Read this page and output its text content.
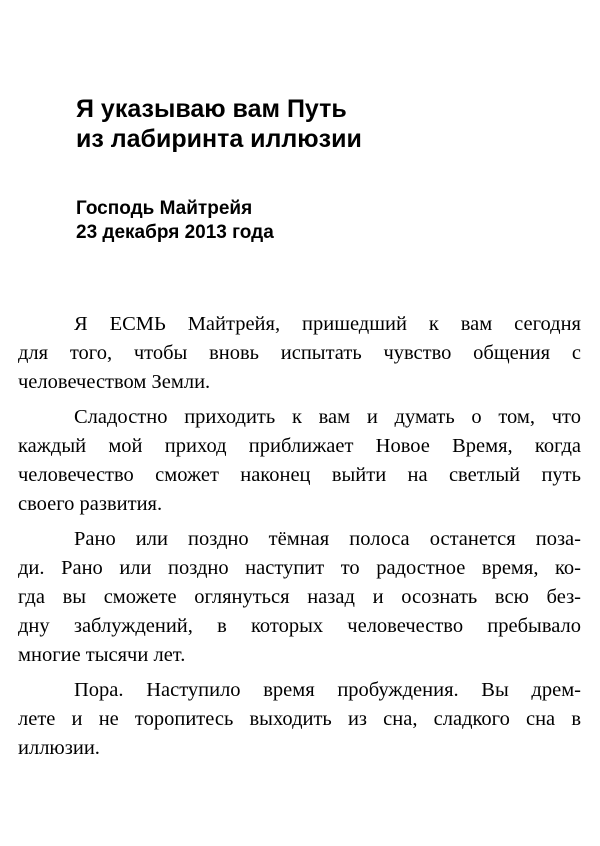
Я указываю вам Путь
из лабиринта иллюзии
Господь Майтрейя
23 декабря 2013 года

Я ЕСМЬ Майтрейя, пришедший к вам сегодня
для того, чтобы вновь испытать чувство общения с
человечеством Земли.

Сладостно приходить к вам и думать о том, что
каждый мой приход приближает Новое Время, когда
человечество сможет наконец выйти на светлый путь
своего развития.

Рано или поздно тёмная полоса останется поза-
ди. Рано или поздно наступит то радостное время, ко-
гда вы сможете оглянуться назад и осознать всю без-
дну заблуждений, в которых человечество пребывало
многие тысячи лет.

Пора. Наступило время пробуждения. Вы дрем-
лете и не торопитесь выходить из сна, сладкого сна в
иллюзии.
